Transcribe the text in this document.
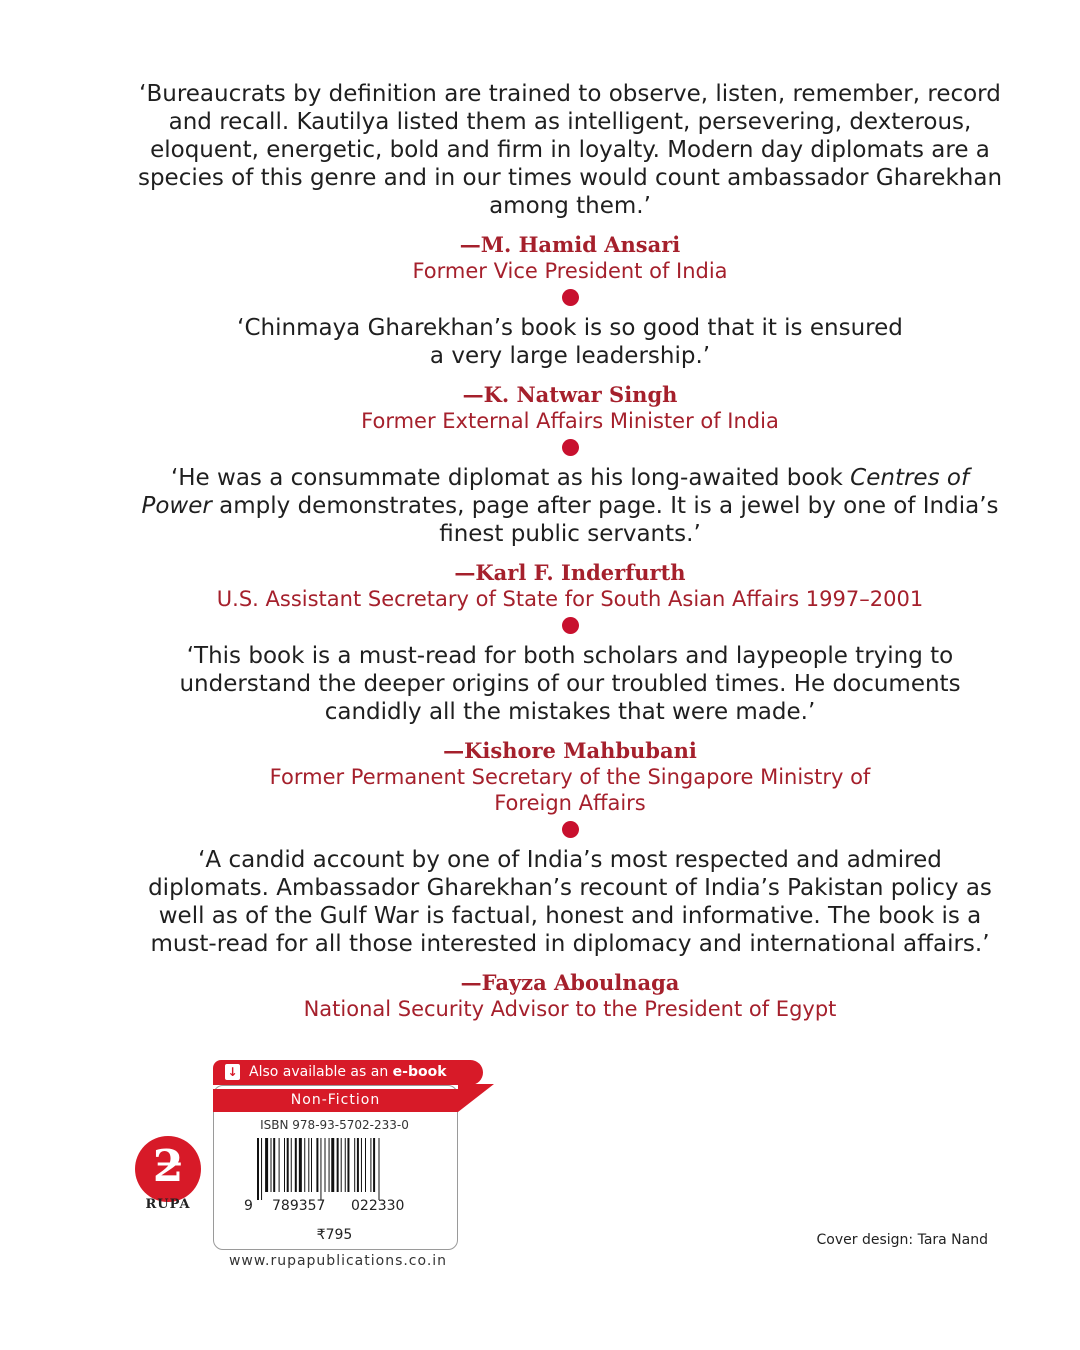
‘Bureaucrats by definition are trained to observe, listen, remember, record and recall. Kautilya listed them as intelligent, persevering, dexterous, eloquent, energetic, bold and firm in loyalty. Modern day diplomats are a species of this genre and in our times would count ambassador Gharekhan among them.’

—M. Hamid Ansari
Former Vice President of India

‘Chinmaya Gharekhan’s book is so good that it is ensured a very large leadership.’

—K. Natwar Singh
Former External Affairs Minister of India

‘He was a consummate diplomat as his long-awaited book Centres of Power amply demonstrates, page after page. It is a jewel by one of India’s finest public servants.’

—Karl F. Inderfurth
U.S. Assistant Secretary of State for South Asian Affairs 1997–2001

‘This book is a must-read for both scholars and laypeople trying to understand the deeper origins of our troubled times. He documents candidly all the mistakes that were made.’

—Kishore Mahbubani
Former Permanent Secretary of the Singapore Ministry of Foreign Affairs

‘A candid account by one of India’s most respected and admired diplomats. Ambassador Gharekhan’s recount of India’s Pakistan policy as well as of the Gulf War is factual, honest and informative. The book is a must-read for all those interested in diplomacy and international affairs.’

—Fayza Aboulnaga
National Security Advisor to the President of Egypt
ƻ
RUPA
↓ Also available as an e-book
Non-Fiction
ISBN 978-93-5702-233-0
9 789357 022330
₹795
www.rupapublications.co.in
Cover design: Tara Nand
